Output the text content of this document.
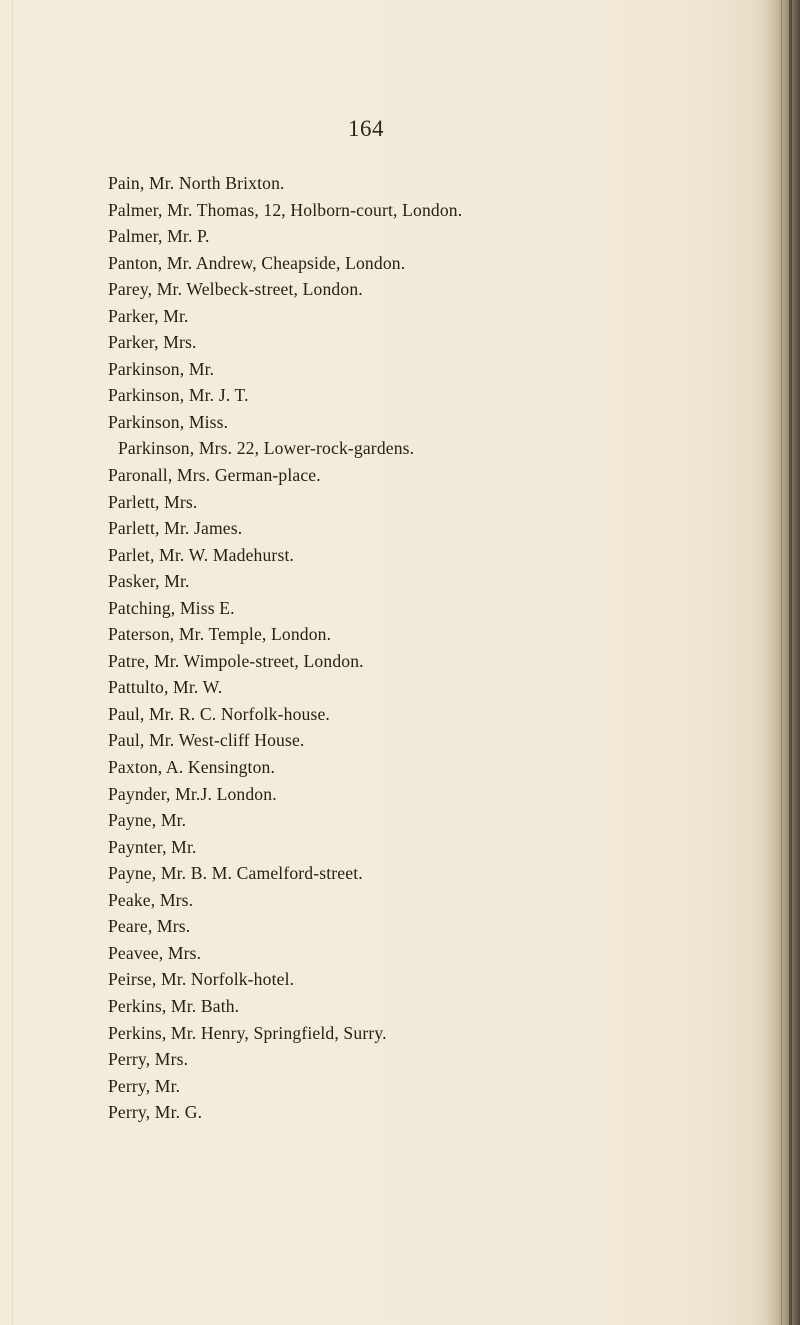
164
Pain, Mr. North Brixton.
Palmer, Mr. Thomas, 12, Holborn-court, London.
Palmer, Mr. P.
Panton, Mr. Andrew, Cheapside, London.
Parey, Mr. Welbeck-street, London.
Parker, Mr.
Parker, Mrs.
Parkinson, Mr.
Parkinson, Mr. J. T.
Parkinson, Miss.
Parkinson, Mrs. 22, Lower-rock-gardens.
Paronall, Mrs. German-place.
Parlett, Mrs.
Parlett, Mr. James.
Parlet, Mr. W. Madehurst.
Pasker, Mr.
Patching, Miss E.
Paterson, Mr. Temple, London.
Patre, Mr. Wimpole-street, London.
Pattulto, Mr. W.
Paul, Mr. R. C. Norfolk-house.
Paul, Mr. West-cliff House.
Paxton, A. Kensington.
Paynder, Mr.J. London.
Payne, Mr.
Paynter, Mr.
Payne, Mr. B. M. Camelford-street.
Peake, Mrs.
Peare, Mrs.
Peavee, Mrs.
Peirse, Mr. Norfolk-hotel.
Perkins, Mr. Bath.
Perkins, Mr. Henry, Springfield, Surry.
Perry, Mrs.
Perry, Mr.
Perry, Mr. G.
